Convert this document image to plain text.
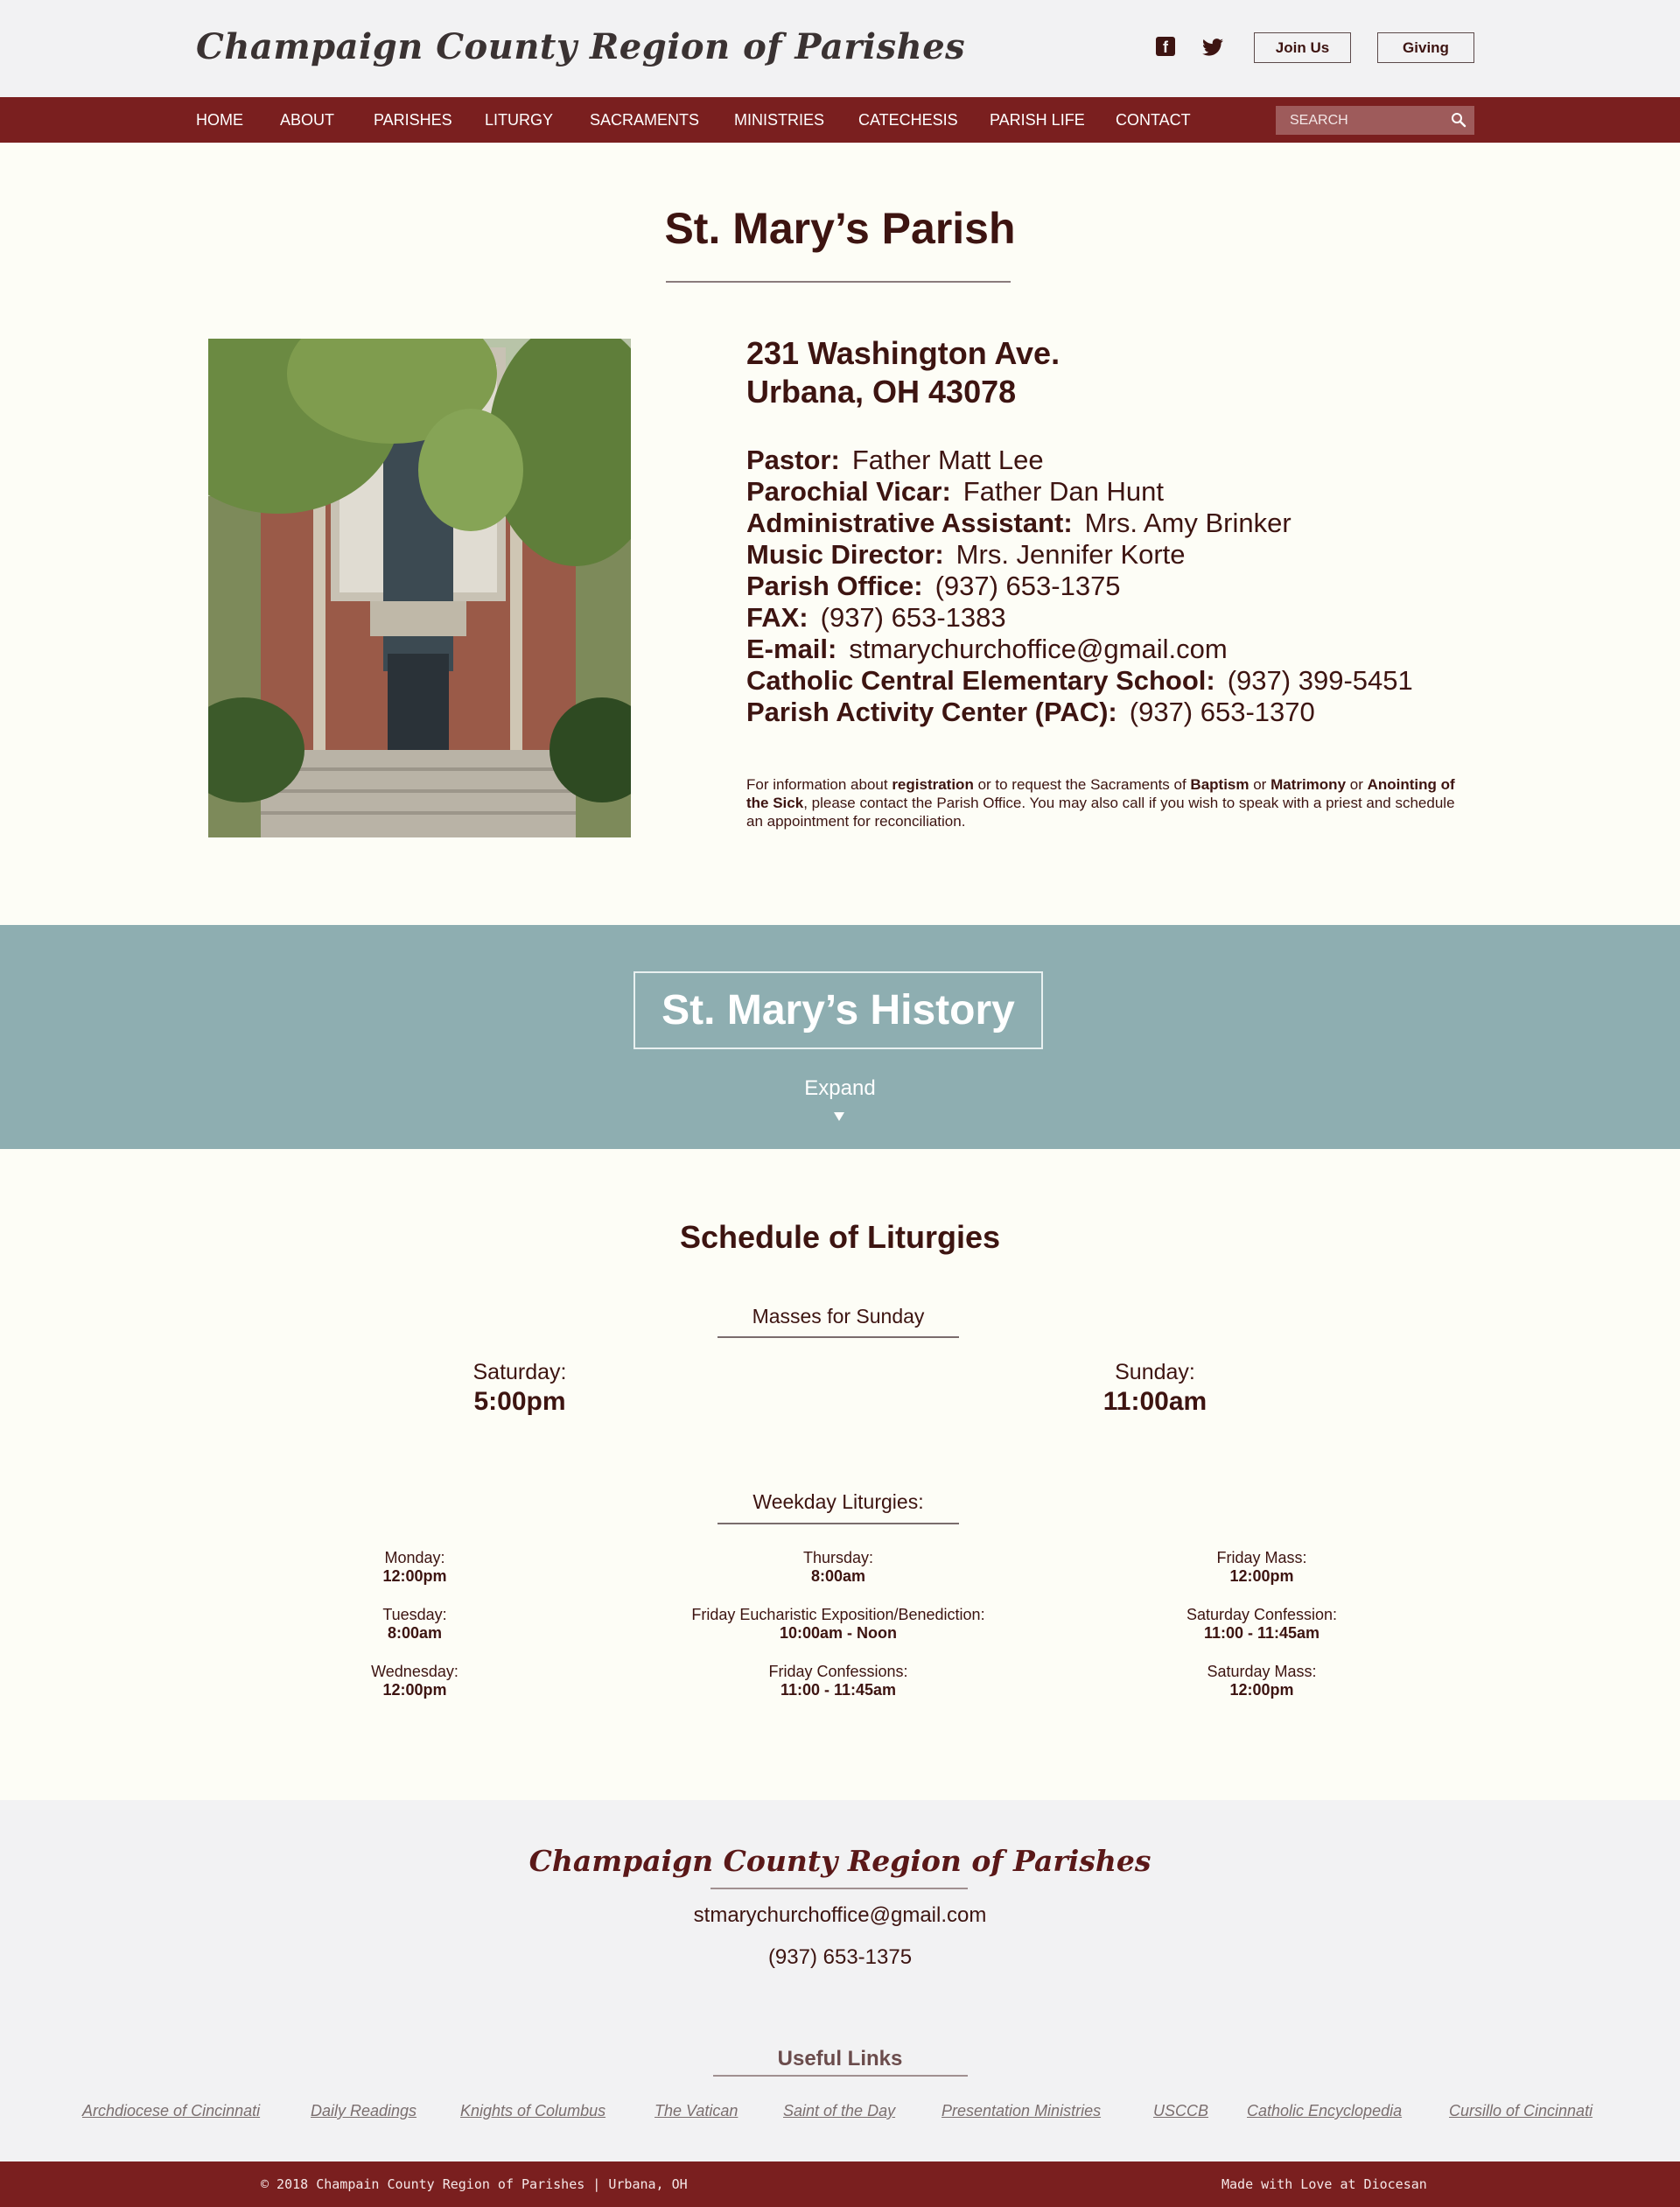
Champaign County Region of Parishes	f	Join Us	Giving
HOME ABOUT PARISHES LITURGY SACRAMENTS MINISTRIES CATECHESIS PARISH LIFE CONTACT
SEARCH
St. Mary’s Parish
231 Washington Ave.
Urbana, OH 43078
Pastor: Father Matt Lee
Parochial Vicar: Father Dan Hunt
Administrative Assistant: Mrs. Amy Brinker
Music Director: Mrs. Jennifer Korte
Parish Office: (937) 653-1375
FAX: (937) 653-1383
E-mail: stmarychurchoffice@gmail.com
Catholic Central Elementary School: (937) 399-5451
Parish Activity Center (PAC): (937) 653-1370
For information about registration or to request the Sacraments of Baptism or Matrimony or Anointing of the Sick, please contact the Parish Office. You may also call if you wish to speak with a priest and schedule an appointment for reconciliation.
St. Mary’s History
Expand
Schedule of Liturgies
Masses for Sunday
Saturday:
5:00pm
Sunday:
11:00am
Weekday Liturgies:
Monday:
12:00pm
Tuesday:
8:00am
Wednesday:
12:00pm
Thursday:
8:00am
Friday Eucharistic Exposition/Benediction:
10:00am - Noon
Friday Confessions:
11:00 - 11:45am
Friday Mass:
12:00pm
Saturday Confession:
11:00 - 11:45am
Saturday Mass:
12:00pm
Champaign County Region of Parishes
stmarychurchoffice@gmail.com
(937) 653-1375
Useful Links
Archdiocese of Cincinnati	Daily Readings	Knights of Columbus	The Vatican	Saint of the Day	Presentation Ministries	USCCB Catholic Encyclopedia	Cursillo of Cincinnati
© 2018 Champain County Region of Parishes | Urbana, OH	Made with Love at Diocesan
